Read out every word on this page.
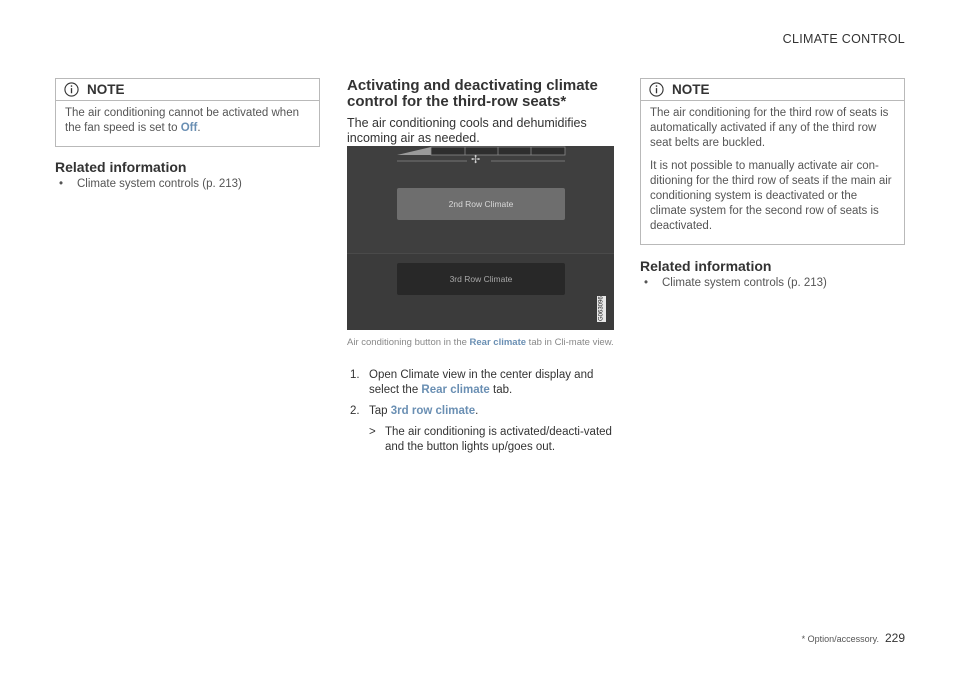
CLIMATE CONTROL
NOTE

The air conditioning cannot be activated when the fan speed is set to Off.

Related information
•	Climate system controls (p. 213)
Activating and deactivating climate control for the third-row seats*
The air conditioning cools and dehumidifies incoming air as needed.
✢
2nd Row Climate
3rd Row Climate
G063096
Air conditioning button in the Rear climate tab in Cli-mate view.
1. Open Climate view in the center display and select the Rear climate tab.
2. Tap 3rd row climate.
> The air conditioning is activated/deacti-vated and the button lights up/goes out.
NOTE

The air conditioning for the third row of seats is automatically activated if any of the third row seat belts are buckled.

It is not possible to manually activate air con-ditioning for the third row of seats if the main air conditioning system is deactivated or the climate system for the second row of seats is deactivated.

Related information
•	Climate system controls (p. 213)
* Option/accessory. 229
